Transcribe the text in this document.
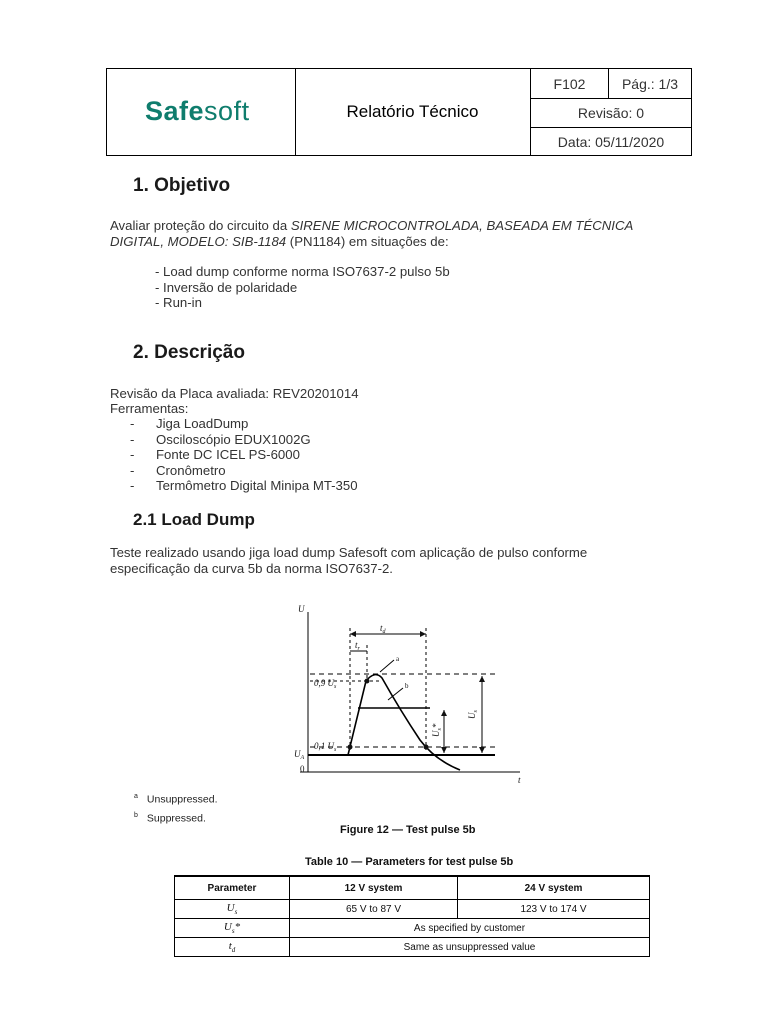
Safesoft	Relatório Técnico
F102	Pág.: 1/3
Revisão: 0
Data: 05/11/2020
1. Objetivo

Avaliar proteção do circuito da SIRENE MICROCONTROLADA, BASEADA EM TÉCNICA DIGITAL, MODELO: SIB-1184 (PN1184) em situações de:

- Load dump conforme norma ISO7637-2 pulso 5b
- Inversão de polaridade
- Run-in
2. Descrição

Revisão da Placa avaliada: REV20201014

Ferramentas:

- Jiga LoadDump
- Osciloscópio EDUX1002G
- Fonte DC ICEL PS-6000
- Cronômetro
- Termômetro Digital Minipa MT-350
2.1 Load Dump

Teste realizado usando jiga load dump Safesoft com aplicação de pulso conforme especificação da curva 5b da norma ISO7637-2.

U
t
0
$t_d$
$t_r$
a
b
0,9 $U_s$
0,1 $U_s$
$U_A$
$U_s$
$U_s*$
$^a$ Unsuppressed.
$^b$ Suppressed.
Figure 12 — Test pulse 5b
Table 10 — Parameters for test pulse 5b
Parameter	12 V system	24 V system
$U_s$	65 V to 87 V	123 V to 174 V
$U_s*$	As specified by customer	
$t_d$	Same as unsuppressed value	
